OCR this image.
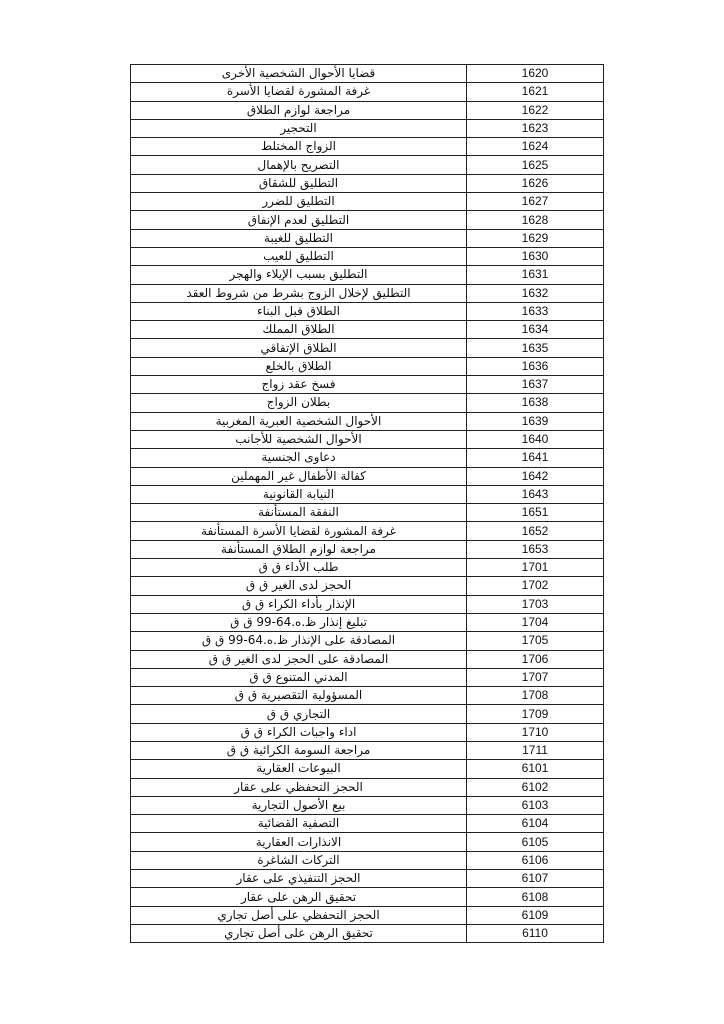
قضايا الأحوال الشخصية الأخرى	1620
غرفة المشورة لقضايا الأسرة	1621
مراجعة لوازم الطلاق	1622
التحجير	1623
الزواج المختلط	1624
التصريح بالإهمال	1625
التطليق للشقاق	1626
التطليق للضرر	1627
التطليق لعدم الإنفاق	1628
التطليق للغيبة	1629
التطليق للعيب	1630
التطليق بسبب الإيلاء والهجر	1631
التطليق لإخلال الزوج بشرط من شروط العقد	1632
الطلاق قبل البناء	1633
الطلاق المملك	1634
الطلاق الإتفاقي	1635
الطلاق بالخلع	1636
فسخ عقد زواج	1637
بطلان الزواج	1638
الأحوال الشخصية العبرية المغربية	1639
الأحوال الشخصية للأجانب	1640
دعاوى الجنسية	1641
كفالة الأطفال غير المهملين	1642
النيابة القانونية	1643
النفقة المستأنفة	1651
غرفة المشورة لقضايا الأسرة المستأنفة	1652
مراجعة لوازم الطلاق المستأنفة	1653
طلب الأداء ق ق	1701
الحجز لدى الغير ق ق	1702
الإنذار بأداء الكراء ق ق	1703
تبليغ إنذار ظ.ه.64-99 ق ق	1704
المصادقة على الإنذار ظ.ه.64-99 ق ق	1705
المصادقة على الحجز لدى الغير ق ق	1706
المدني المتنوع ق ق	1707
المسؤولية التقصيرية ق ق	1708
التجاري ق ق	1709
اداء واجبات الكراء ق ق	1710
مراجعة السومة الكرائية ق ق	1711
البيوعات العقارية	6101
الحجز التحفظي على عقار	6102
بيع الأصول التجارية	6103
التصفية القضائية	6104
الانذارات العقارية	6105
التركات الشاغرة	6106
الحجز التنفيذي على عقار	6107
تحقيق الرهن على عقار	6108
الحجز التحفظي على أصل تجاري	6109
تحقيق الرهن على أصل تجاري	6110
